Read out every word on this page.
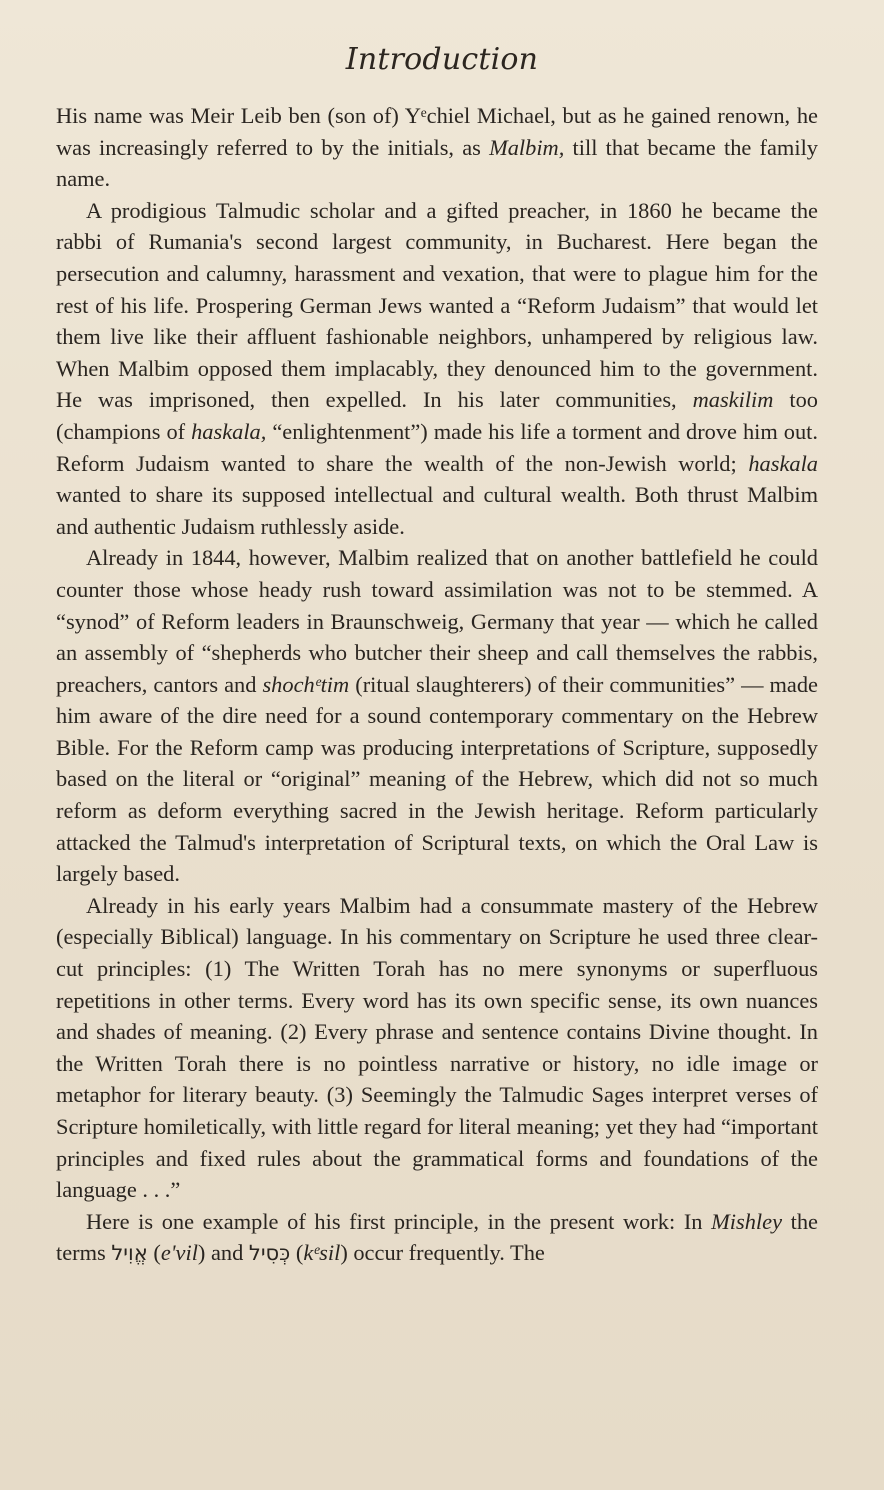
Introduction

His name was Meir Leib ben (son of) Yᵉchiel Michael, but as he gained renown, he was increasingly referred to by the initials, as Malbim, till that became the family name.

A prodigious Talmudic scholar and a gifted preacher, in 1860 he became the rabbi of Rumania's second largest community, in Bucharest. Here began the persecution and calumny, harassment and vexation, that were to plague him for the rest of his life. Prospering German Jews wanted a “Reform Judaism” that would let them live like their affluent fashionable neighbors, unhampered by religious law. When Malbim opposed them implacably, they denounced him to the government. He was imprisoned, then expelled. In his later communities, maskilim too (champions of haskala, “enlightenment”) made his life a torment and drove him out. Reform Judaism wanted to share the wealth of the non-Jewish world; haskala wanted to share its supposed intellectual and cultural wealth. Both thrust Malbim and authentic Judaism ruthlessly aside.

Already in 1844, however, Malbim realized that on another battlefield he could counter those whose heady rush toward assimilation was not to be stemmed. A “synod” of Reform leaders in Braunschweig, Germany that year — which he called an assembly of “shepherds who butcher their sheep and call themselves the rabbis, preachers, cantors and shochᵉtim (ritual slaughterers) of their communities” — made him aware of the dire need for a sound contemporary commentary on the Hebrew Bible. For the Reform camp was producing interpretations of Scripture, supposedly based on the literal or “original” meaning of the Hebrew, which did not so much reform as deform everything sacred in the Jewish heritage. Reform particularly attacked the Talmud's interpretation of Scriptural texts, on which the Oral Law is largely based.

Already in his early years Malbim had a consummate mastery of the Hebrew (especially Biblical) language. In his commentary on Scripture he used three clear-cut principles: (1) The Written Torah has no mere synonyms or superfluous repetitions in other terms. Every word has its own specific sense, its own nuances and shades of meaning. (2) Every phrase and sentence contains Divine thought. In the Written Torah there is no pointless narrative or history, no idle image or metaphor for literary beauty. (3) Seemingly the Talmudic Sages interpret verses of Scripture homiletically, with little regard for literal meaning; yet they had “important principles and fixed rules about the grammatical forms and foundations of the language . . .”

Here is one example of his first principle, in the present work: In Mishley the terms אֱוִיל (e'vil) and כְּסִיל (kᵉsil) occur frequently. The
